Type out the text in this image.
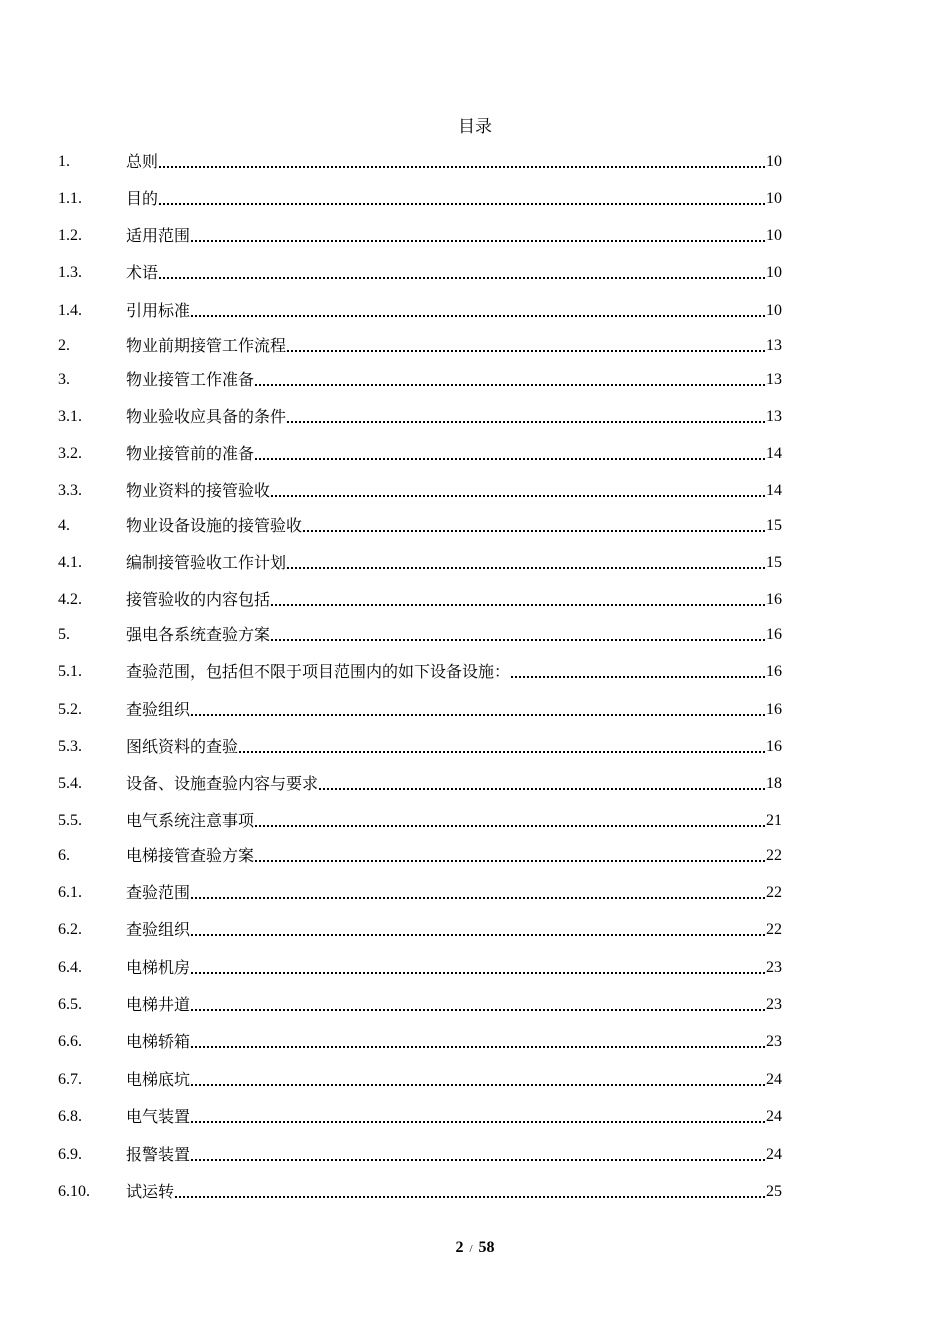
目录
1.	总则	10
1.1.	目的	10
1.2.	适用范围	10
1.3.	术语	10
1.4.	引用标准	10
2.	物业前期接管工作流程	13
3.	物业接管工作准备	13
3.1.	物业验收应具备的条件	13
3.2.	物业接管前的准备	14
3.3.	物业资料的接管验收	14
4.	物业设备设施的接管验收	15
4.1.	编制接管验收工作计划	15
4.2.	接管验收的内容包括	16
5.	强电各系统查验方案	16
5.1.	查验范围，包括但不限于项目范围内的如下设备设施：	16
5.2.	查验组织	16
5.3.	图纸资料的查验	16
5.4.	设备、设施查验内容与要求	18
5.5.	电气系统注意事项	21
6.	电梯接管查验方案	22
6.1.	查验范围	22
6.2.	查验组织	22
6.4.	电梯机房	23
6.5.	电梯井道	23
6.6.	电梯轿箱	23
6.7.	电梯底坑	24
6.8.	电气装置	24
6.9.	报警装置	24
6.10.	试运转	25
2 / 58
